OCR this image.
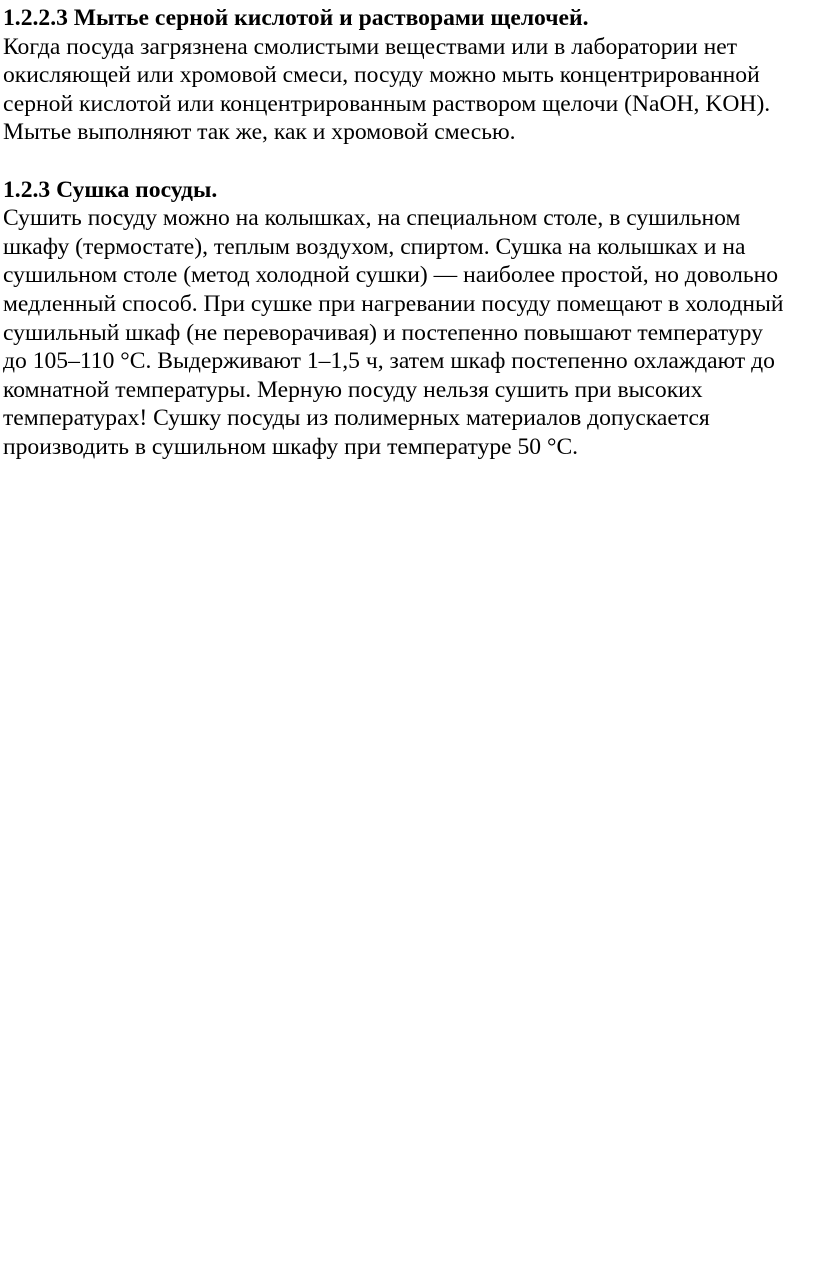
1.2.2.3 Мытье серной кислотой и растворами щелочей.
Когда посуда загрязнена смолистыми веществами или в лаборатории нет
окисляющей или хромовой смеси, посуду можно мыть концентрированной
серной кислотой или концентрированным раствором щелочи (NaOH, KOH).
Мытье выполняют так же, как и хромовой смесью.
1.2.3 Сушка посуды.
Сушить посуду можно на колышках, на специальном столе, в сушильном
шкафу (термостате), теплым воздухом, спиртом. Сушка на колышках и на
сушильном столе (метод холодной сушки) — наиболее простой, но довольно
медленный способ. При сушке при нагревании посуду помещают в холодный
сушильный шкаф (не переворачивая) и постепенно повышают температуру
до 105–110 °С. Выдерживают 1–1,5 ч, затем шкаф постепенно охлаждают до
комнатной температуры. Мерную посуду нельзя сушить при высоких
температурах! Сушку посуды из полимерных материалов допускается
производить в сушильном шкафу при температуре 50 °С.
